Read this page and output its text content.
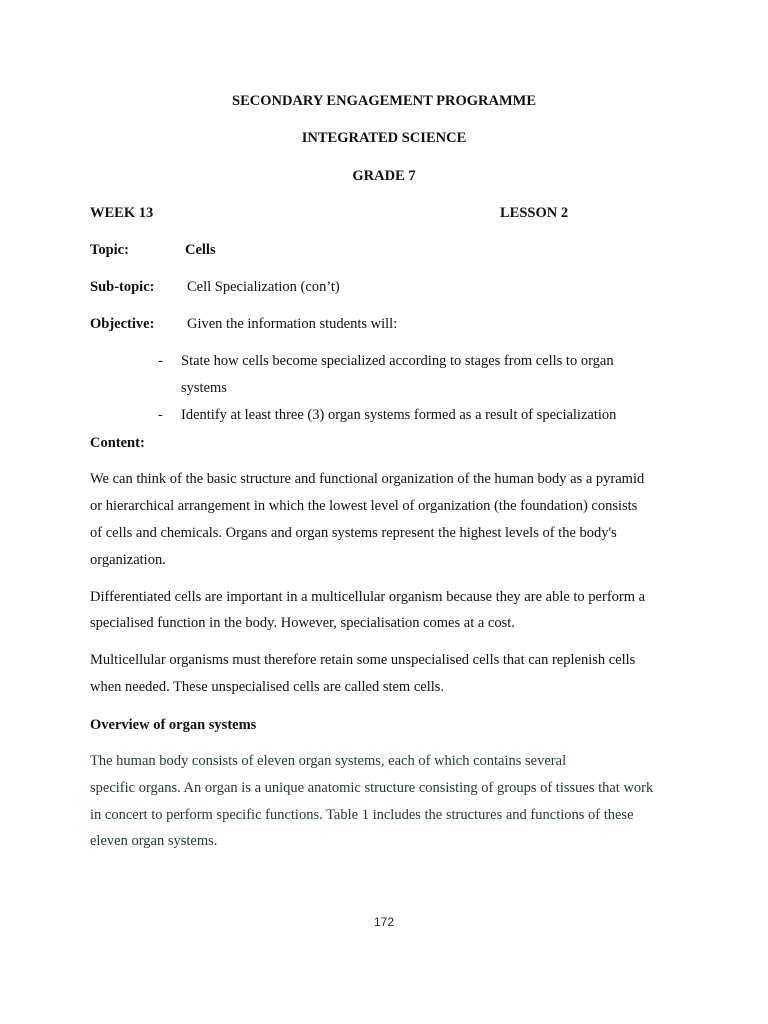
SECONDARY ENGAGEMENT PROGRAMME
INTEGRATED SCIENCE
GRADE 7
WEEK 13	LESSON 2
Topic:	Cells
Sub-topic: Cell Specialization (con’t)
Objective: Given the information students will:
- State how cells become specialized according to stages from cells to organ
systems
- Identify at least three (3) organ systems formed as a result of specialization
Content:
We can think of the basic structure and functional organization of the human body as a pyramid
or hierarchical arrangement in which the lowest level of organization (the foundation) consists
of cells and chemicals. Organs and organ systems represent the highest levels of the body's
organization.
Differentiated cells are important in a multicellular organism because they are able to perform a
specialised function in the body. However, specialisation comes at a cost.
Multicellular organisms must therefore retain some unspecialised cells that can replenish cells
when needed. These unspecialised cells are called stem cells.
Overview of organ systems
The human body consists of eleven organ systems, each of which contains several
specific organs. An organ is a unique anatomic structure consisting of groups of tissues that work
in concert to perform specific functions. Table 1 includes the structures and functions of these
eleven organ systems.
172
